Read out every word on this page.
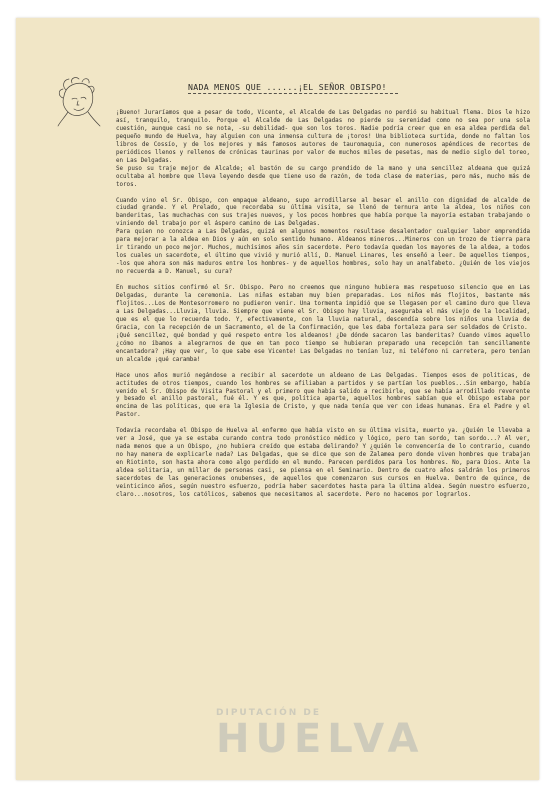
NADA MENOS QUE ......¡EL SEÑOR OBISPO!

¡Bueno! Juraríamos que a pesar de todo, Vicente, el Alcalde de Las Delgadas no perdió su habitual flema. Dios le hizo así, tranquilo, tranquilo. Porque el Alcalde de Las Delgadas no pierde su serenidad como no sea por una sola cuestión, aunque casi no se nota, -su debilidad- que son los toros. Nadie podría creer que en esa aldea perdida del pequeño mundo de Huelva, hay alguien con una inmensa cultura de ¡toros! Una biblioteca surtida, donde no faltan los libros de Cossío, y de los mejores y más famosos autores de tauromaquia, con numerosos apéndices de recortes de periódicos llenos y rellenos de crónicas taurinas por valor de muchos miles de pesetas, mas de medio siglo del toreo, en Las Delgadas.

Se puso su traje mejor de Alcalde; el bastón de su cargo prendido de la mano y una sencillez aldeana que quizá ocultaba al hombre que lleva leyendo desde que tiene uso de razón, de toda clase de materias, pero más, mucho más de toros.

Cuando vino el Sr. Obispo, con empaque aldeano, supo arrodillarse al besar el anillo con dignidad de alcalde de ciudad grande. Y el Prelado, que recordaba su última visita, se llenó de ternura ante la aldea, los niños con banderitas, las muchachas con sus trajes nuevos, y los pocos hombres que había porque la mayoría estaban trabajando o viniendo del trabajo por el áspero camino de Las Delgadas.

Para quien no conozca a Las Delgadas, quizá en algunos momentos resultase desalentador cualquier labor emprendida para mejorar a la aldea en Dios y aún en solo sentido humano. Aldeanos mineros...Mineros con un trozo de tierra para ir tirando un poco mejor. Muchos, muchísimos años sin sacerdote. Pero todavía quedan los mayores de la aldea, a todos los cuales un sacerdote, el último que vivió y murió allí, D. Manuel Linares, les enseñó a leer. De aquellos tiempos, -los que ahora son más maduros entre los hombres- y de aquellos hombres, solo hay un analfabeto. ¿Quién de los viejos no recuerda a D. Manuel, su cura?

En muchos sitios confirmó el Sr. Obispo. Pero no creemos que ninguno hubiera mas respetuoso silencio que en Las Delgadas, durante la ceremonia. Las niñas estaban muy bien preparadas. Los niños más flojitos, bastante más flojitos...Los de Montesorromero no pudieron venir. Una tormenta impidió que se llegasen por el camino duro que lleva a Las Delgadas...Lluvia, lluvia. Siempre que viene el Sr. Obispo hay lluvia, aseguraba el más viejo de la localidad, que es el que lo recuerda todo. Y, efectivamente, con la lluvia natural, descendía sobre los niños una lluvia de Gracia, con la recepción de un Sacramento, el de la Confirmación, que les daba fortaleza para ser soldados de Cristo.

¡Qué sencillez, qué bondad y qué respeto entre los aldeanos! ¿De dónde sacaron las banderitas? Cuando vimos aquello ¿cómo no íbamos a alegrarnos de que en tan poco tiempo se hubieran preparado una recepción tan sencillamente encantadora? ¡Hay que ver, lo que sabe ese Vicente! Las Delgadas no tenían luz, ni teléfono ni carretera, pero tenían un alcalde ¡qué caramba!

Hace unos años murió negándose a recibir al sacerdote un aldeano de Las Delgadas. Tiempos esos de políticas, de actitudes de otros tiempos, cuando los hombres se afiliaban a partidos y se partían los pueblos...Sin embargo, había venido el Sr. Obispo de Visita Pastoral y el primero que había salido a recibirle, que se había arrodillado reverente y besado el anillo pastoral, fué él. Y es que, política aparte, aquellos hombres sabían que el Obispo estaba por encima de las políticas, que era la Iglesia de Cristo, y que nada tenía que ver con ideas humanas. Era el Padre y el Pastor.

Todavía recordaba el Obispo de Huelva al enfermo que había visto en su última visita, muerto ya. ¿Quién le llevaba a ver a José, que ya se estaba curando contra todo pronóstico médico y lógico, pero tan sordo, tan sordo...? Al ver, nada menos que a un Obispo, ¿no hubiera creído que estaba delirando? Y ¿quién le convencería de lo contrario, cuando no hay manera de explicarle nada? Las Delgadas, que se dice que son de Zalamea pero donde viven hombres que trabajan en Riotinto, son hasta ahora como algo perdido en el mundo. Parecen perdidos para los hombres. No, para Dios. Ante la aldea solitaria, un millar de personas casi, se piensa en el Seminario. Dentro de cuatro años saldrán los primeros sacerdotes de las generaciones onubenses, de aquellos que comenzaron sus cursos en Huelva. Dentro de quince, de veinticinco años, según nuestro esfuerzo, podría haber sacerdotes hasta para la última aldea. Según nuestro esfuerzo, claro...nosotros, los católicos, sabemos que necesitamos al sacerdote. Pero no hacemos por lograrlos.

DIPUTACIÓN DE
HUELVA
